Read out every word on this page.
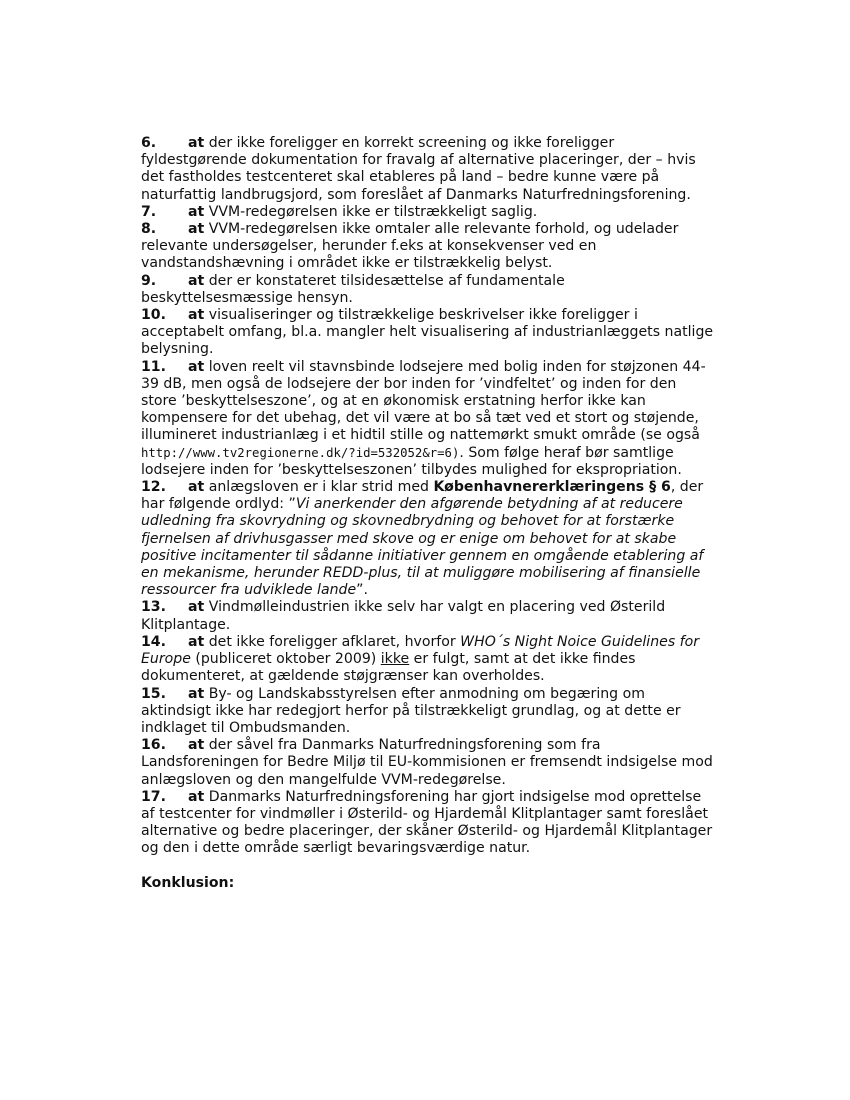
6. at der ikke foreligger en korrekt screening og ikke foreligger fyldestgørende dokumentation for fravalg af alternative placeringer, der – hvis det fastholdes testcenteret skal etableres på land – bedre kunne være på naturfattig landbrugsjord, som foreslået af Danmarks Naturfredningsforening.

7. at VVM-redegørelsen ikke er tilstrækkeligt saglig.

8. at VVM-redegørelsen ikke omtaler alle relevante forhold, og udelader relevante undersøgelser, herunder f.eks at konsekvenser ved en vandstandshævning i området ikke er tilstrækkelig belyst.

9. at der er konstateret tilsidesættelse af fundamentale beskyttelsesmæssige hensyn.

10. at visualiseringer og tilstrækkelige beskrivelser ikke foreligger i acceptabelt omfang, bl.a. mangler helt visualisering af industrianlæggets natlige belysning.

11. at loven reelt vil stavnsbinde lodsejere med bolig inden for støjzonen 44-39 dB, men også de lodsejere der bor inden for ’vindfeltet’ og inden for den store ’beskyttelseszone’, og at en økonomisk erstatning herfor ikke kan kompensere for det ubehag, det vil være at bo så tæt ved et stort og støjende, illumineret industrianlæg i et hidtil stille og nattemørkt smukt område (se også http://www.tv2regionerne.dk/?id=532052&r=6). Som følge heraf bør samtlige lodsejere inden for ’beskyttelseszonen’ tilbydes mulighed for ekspropriation.

12. at anlægsloven er i klar strid med Københavnererklæringens § 6, der har følgende ordlyd: ”Vi anerkender den afgørende betydning af at reducere udledning fra skovrydning og skovnedbrydning og behovet for at forstærke fjernelsen af drivhusgasser med skove og er enige om behovet for at skabe positive incitamenter til sådanne initiativer gennem en omgående etablering af en mekanisme, herunder REDD-plus, til at muliggøre mobilisering af finansielle ressourcer fra udviklede lande”.

13. at Vindmølleindustrien ikke selv har valgt en placering ved Østerild Klitplantage.

14. at det ikke foreligger afklaret, hvorfor WHO´s Night Noice Guidelines for Europe (publiceret oktober 2009) ikke er fulgt, samt at det ikke findes dokumenteret, at gældende støjgrænser kan overholdes.

15. at By- og Landskabsstyrelsen efter anmodning om begæring om aktindsigt ikke har redegjort herfor på tilstrækkeligt grundlag, og at dette er indklaget til Ombudsmanden.

16. at der såvel fra Danmarks Naturfredningsforening som fra Landsforeningen for Bedre Miljø til EU-kommisionen er fremsendt indsigelse mod anlægsloven og den mangelfulde VVM-redegørelse.

17. at Danmarks Naturfredningsforening har gjort indsigelse mod oprettelse af testcenter for vindmøller i Østerild- og Hjardemål Klitplantager samt foreslået alternative og bedre placeringer, der skåner Østerild- og Hjardemål Klitplantager og den i dette område særligt bevaringsværdige natur.

Konklusion:
